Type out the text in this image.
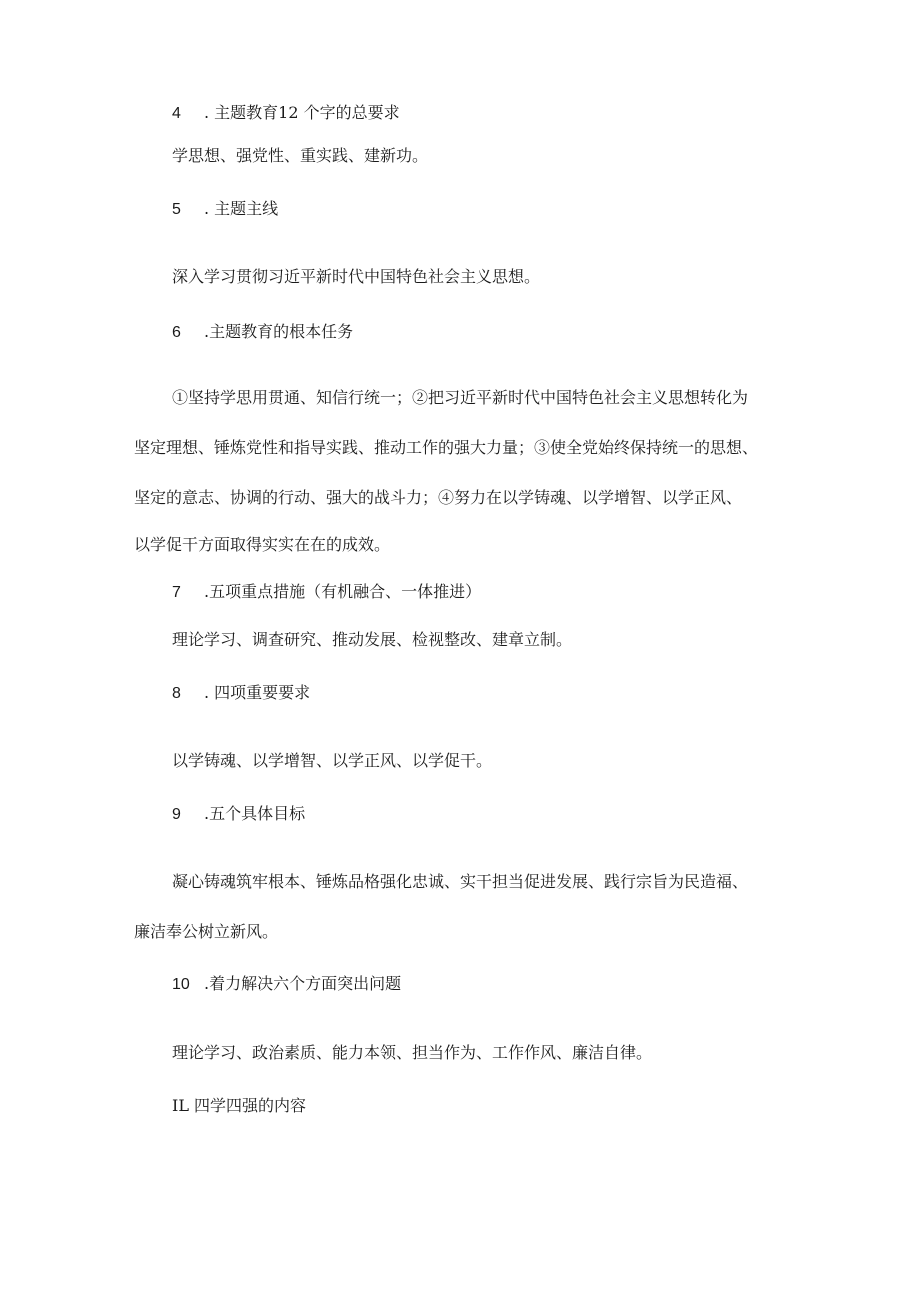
4 . 主题教育12 个字的总要求
学思想、强党性、重实践、建新功。
5 . 主题主线
深入学习贯彻习近平新时代中国特色社会主义思想。
6 .主题教育的根本任务
①坚持学思用贯通、知信行统一；②把习近平新时代中国特色社会主义思想转化为
坚定理想、锤炼党性和指导实践、推动工作的强大力量；③使全党始终保持统一的思想、
坚定的意志、协调的行动、强大的战斗力；④努力在以学铸魂、以学增智、以学正风、
以学促干方面取得实实在在的成效。
7 .五项重点措施（有机融合、一体推进）
理论学习、调查研究、推动发展、检视整改、建章立制。
8 . 四项重要要求
以学铸魂、以学增智、以学正风、以学促干。
9 .五个具体目标
凝心铸魂筑牢根本、锤炼品格强化忠诚、实干担当促进发展、践行宗旨为民造福、
廉洁奉公树立新风。
10 .着力解决六个方面突出问题
理论学习、政治素质、能力本领、担当作为、工作作风、廉洁自律。
IL 四学四强的内容
